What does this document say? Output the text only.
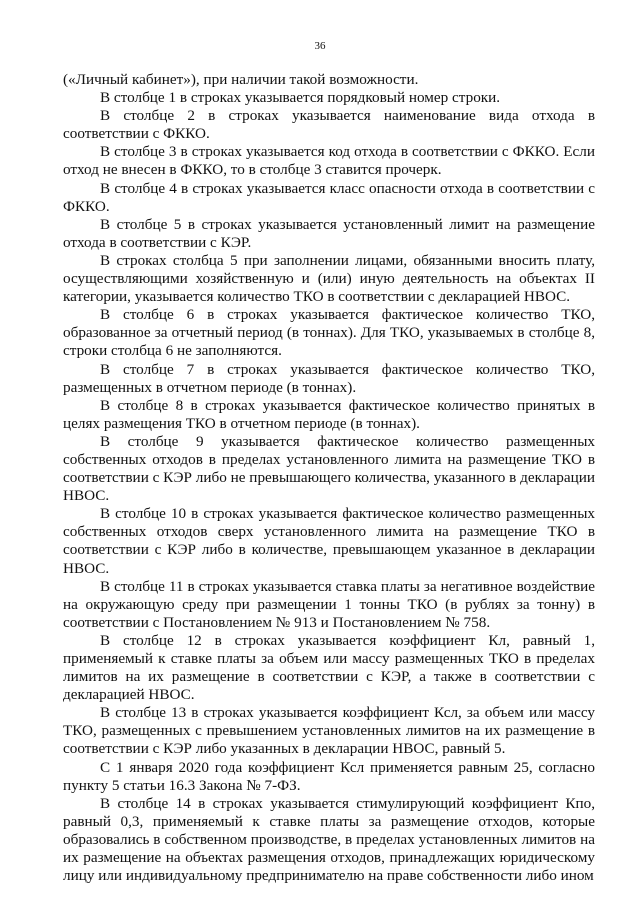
36

(«Личный кабинет»), при наличии такой возможности.

В столбце 1 в строках указывается порядковый номер строки.

В столбце 2 в строках указывается наименование вида отхода в соответствии с ФККО.

В столбце 3 в строках указывается код отхода в соответствии с ФККО. Если отход не внесен в ФККО, то в столбце 3 ставится прочерк.

В столбце 4 в строках указывается класс опасности отхода в соответствии с ФККО.

В столбце 5 в строках указывается установленный лимит на размещение отхода в соответствии с КЭР.

В строках столбца 5 при заполнении лицами, обязанными вносить плату, осуществляющими хозяйственную и (или) иную деятельность на объектах II категории, указывается количество ТКО в соответствии с декларацией НВОС.

В столбце 6 в строках указывается фактическое количество ТКО, образованное за отчетный период (в тоннах). Для ТКО, указываемых в столбце 8, строки столбца 6 не заполняются.

В столбце 7 в строках указывается фактическое количество ТКО, размещенных в отчетном периоде (в тоннах).

В столбце 8 в строках указывается фактическое количество принятых в целях размещения ТКО в отчетном периоде (в тоннах).

В столбце 9 указывается фактическое количество размещенных собственных отходов в пределах установленного лимита на размещение ТКО в соответствии с КЭР либо не превышающего количества, указанного в декларации НВОС.

В столбце 10 в строках указывается фактическое количество размещенных собственных отходов сверх установленного лимита на размещение ТКО в соответствии с КЭР либо в количестве, превышающем указанное в декларации НВОС.

В столбце 11 в строках указывается ставка платы за негативное воздействие на окружающую среду при размещении 1 тонны ТКО (в рублях за тонну) в соответствии с Постановлением № 913 и Постановлением № 758.

В столбце 12 в строках указывается коэффициент Кл, равный 1, применяемый к ставке платы за объем или массу размещенных ТКО в пределах лимитов на их размещение в соответствии с КЭР, а также в соответствии с декларацией НВОС.

В столбце 13 в строках указывается коэффициент Ксл, за объем или массу ТКО, размещенных с превышением установленных лимитов на их размещение в соответствии с КЭР либо указанных в декларации НВОС, равный 5.

С 1 января 2020 года коэффициент Ксл применяется равным 25, согласно пункту 5 статьи 16.3 Закона № 7-ФЗ.

В столбце 14 в строках указывается стимулирующий коэффициент Кпо, равный 0,3, применяемый к ставке платы за размещение отходов, которые образовались в собственном производстве, в пределах установленных лимитов на их размещение на объектах размещения отходов, принадлежащих юридическому лицу или индивидуальному предпринимателю на праве собственности либо ином
